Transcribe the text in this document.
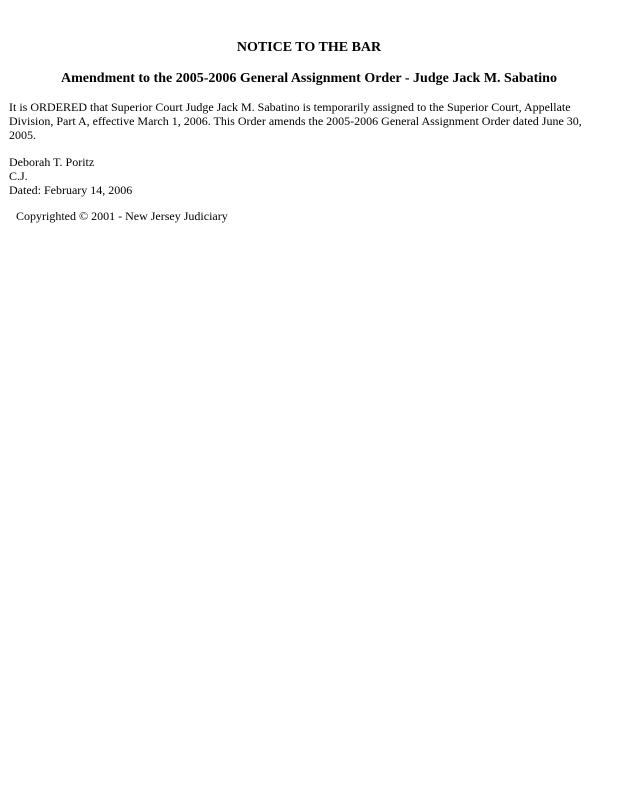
NOTICE TO THE BAR
Amendment to the 2005-2006 General Assignment Order - Judge Jack M. Sabatino

It is ORDERED that Superior Court Judge Jack M. Sabatino is temporarily assigned to the Superior Court, Appellate Division, Part A, effective March 1, 2006. This Order amends the 2005-2006 General Assignment Order dated June 30, 2005.

Deborah T. Poritz
C.J.
Dated: February 14, 2006
Copyrighted © 2001 - New Jersey Judiciary
